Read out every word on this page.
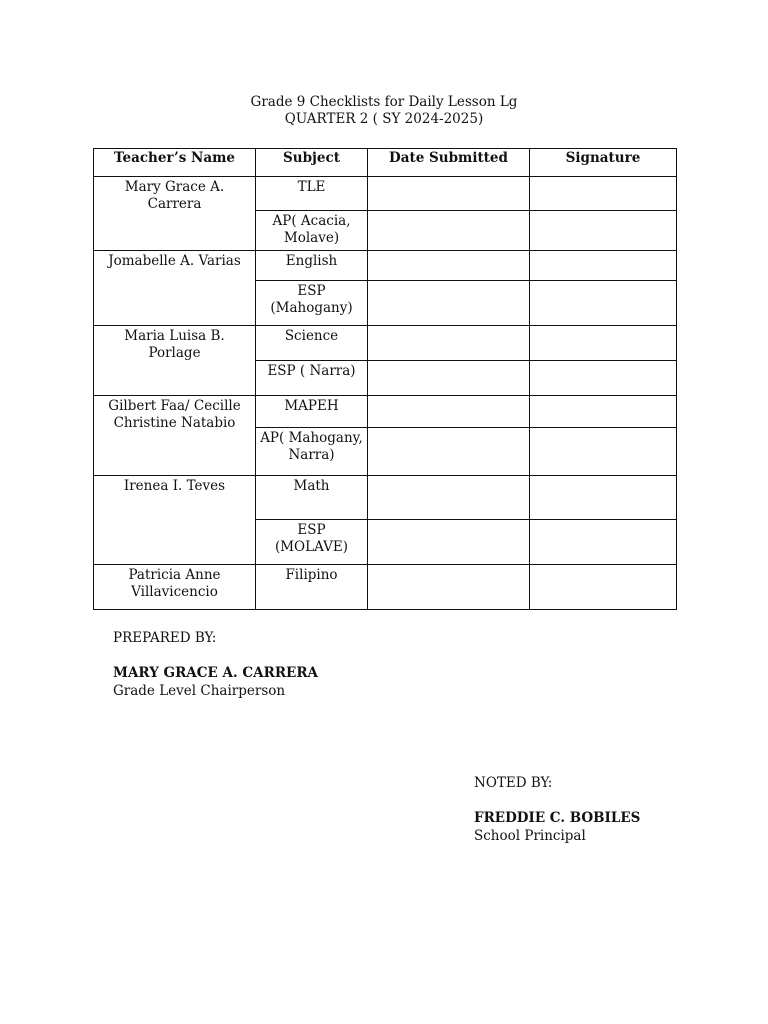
Grade 9 Checklists for Daily Lesson Lg
QUARTER 2 ( SY 2024-2025)
Teacher’s Name	Subject	Date Submitted	Signature
Mary Grace A. Carrera	TLE		
	AP( Acacia, Molave)		
Jomabelle A. Varias	English		
	ESP (Mahogany)		
Maria Luisa B. Porlage	Science		
	ESP ( Narra)		
Gilbert Faa/ Cecille Christine Natabio	MAPEH		
	AP( Mahogany, Narra)		
Irenea I. Teves	Math		
	ESP (MOLAVE)		
Patricia Anne Villavicencio	Filipino		
PREPARED BY:
MARY GRACE A. CARRERA
Grade Level Chairperson
NOTED BY:
FREDDIE C. BOBILES
School Principal
